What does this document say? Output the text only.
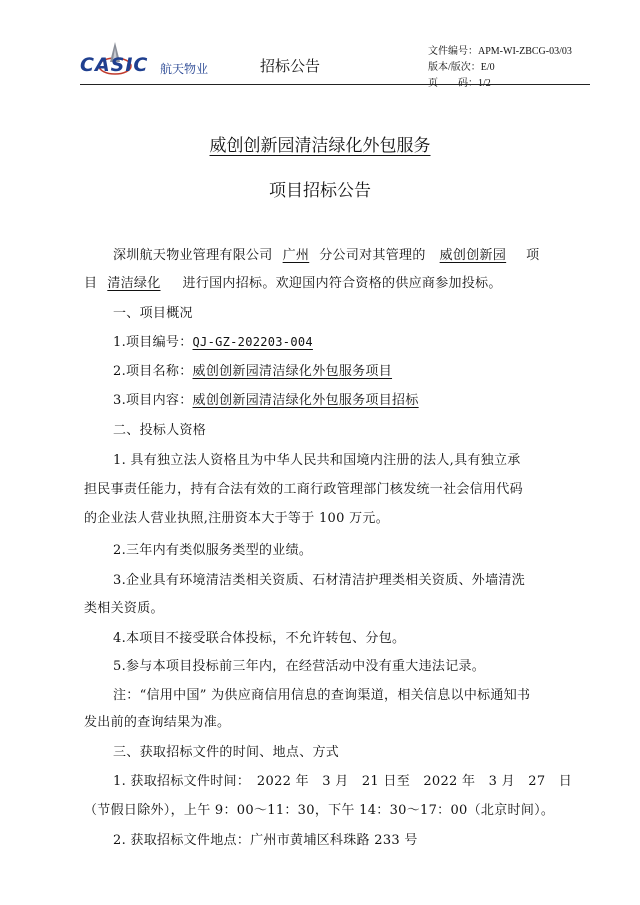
CASIC 航天物业	招标公告
文件编号：APM-WI-ZBCG-03/03
版本/版次：E/0
页　　码：1/2
威创创新园清洁绿化外包服务
项目招标公告
深圳航天物业管理有限公司 广州 分公司对其管理的 威创创新园 项
目 清洁绿化 进行国内招标。欢迎国内符合资格的供应商参加投标。
一、项目概况
1.项目编号：QJ-GZ-202203-004
2.项目名称：威创创新园清洁绿化外包服务项目
3.项目内容：威创创新园清洁绿化外包服务项目招标
二、投标人资格
1. 具有独立法人资格且为中华人民共和国境内注册的法人,具有独立承
担民事责任能力，持有合法有效的工商行政管理部门核发统一社会信用代码
的企业法人营业执照,注册资本大于等于 100 万元。
2.三年内有类似服务类型的业绩。
3.企业具有环境清洁类相关资质、石材清洁护理类相关资质、外墙清洗
类相关资质。
4.本项目不接受联合体投标，不允许转包、分包。
5.参与本项目投标前三年内，在经营活动中没有重大违法记录。
注：“信用中国” 为供应商信用信息的查询渠道，相关信息以中标通知书
发出前的查询结果为准。
三、获取招标文件的时间、地点、方式
1. 获取招标文件时间：　2022 年　3 月　21 日至　2022 年　3 月　27　日
（节假日除外），上午 9：00～11：30，下午 14：30～17：00（北京时间）。
2. 获取招标文件地点：广州市黄埔区科珠路 233 号
